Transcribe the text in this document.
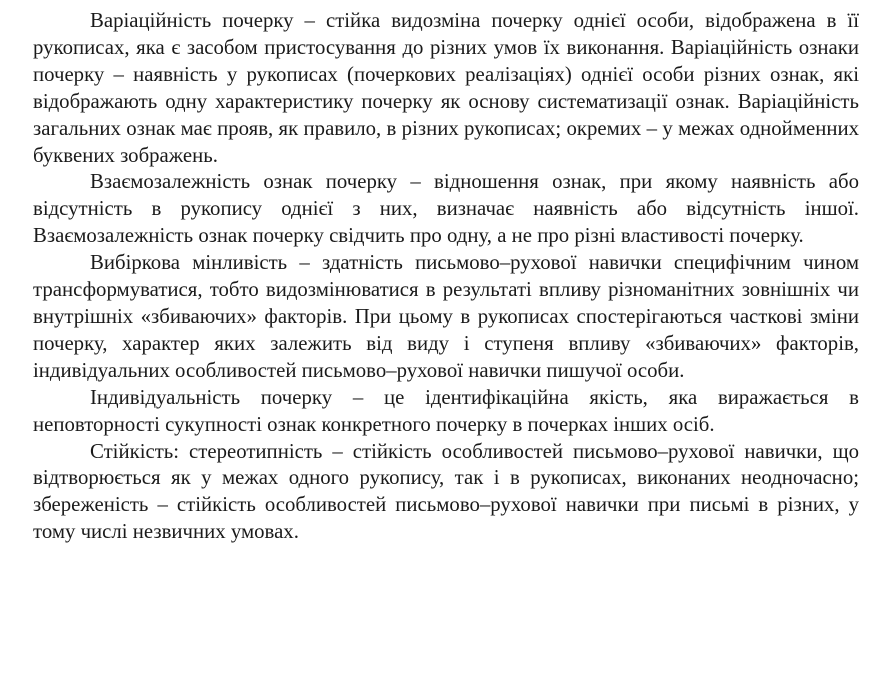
Варіаційність почерку – стійка видозміна почерку однієї особи, відображена в її рукописах, яка є засобом пристосування до різних умов їх виконання. Варіаційність ознаки почерку – наявність у рукописах (почеркових реалізаціях) однієї особи різних ознак, які відображають одну характеристику почерку як основу систематизації ознак. Варіаційність загальних ознак має прояв, як правило, в різних рукописах; окремих – у межах однойменних буквених зображень.

Взаємозалежність ознак почерку – відношення ознак, при якому наявність або відсутність в рукопису однієї з них, визначає наявність або відсутність іншої. Взаємозалежність ознак почерку свідчить про одну, а не про різні властивості почерку.

Вибіркова мінливість – здатність письмово–рухової навички специфічним чином трансформуватися, тобто видозмінюватися в результаті впливу різноманітних зовнішніх чи внутрішніх «збиваючих» факторів. При цьому в рукописах спостерігаються часткові зміни почерку, характер яких залежить від виду і ступеня впливу «збиваючих» факторів, індивідуальних особливостей письмово–рухової навички пишучої особи.

Індивідуальність почерку – це ідентифікаційна якість, яка виражається в неповторності сукупності ознак конкретного почерку в почерках інших осіб.

Стійкість: стереотипність – стійкість особливостей письмово–рухової навички, що відтворюється як у межах одного рукопису, так і в рукописах, виконаних неодночасно; збереженість – стійкість особливостей письмово–рухової навички при письмі в різних, у тому числі незвичних умовах.
